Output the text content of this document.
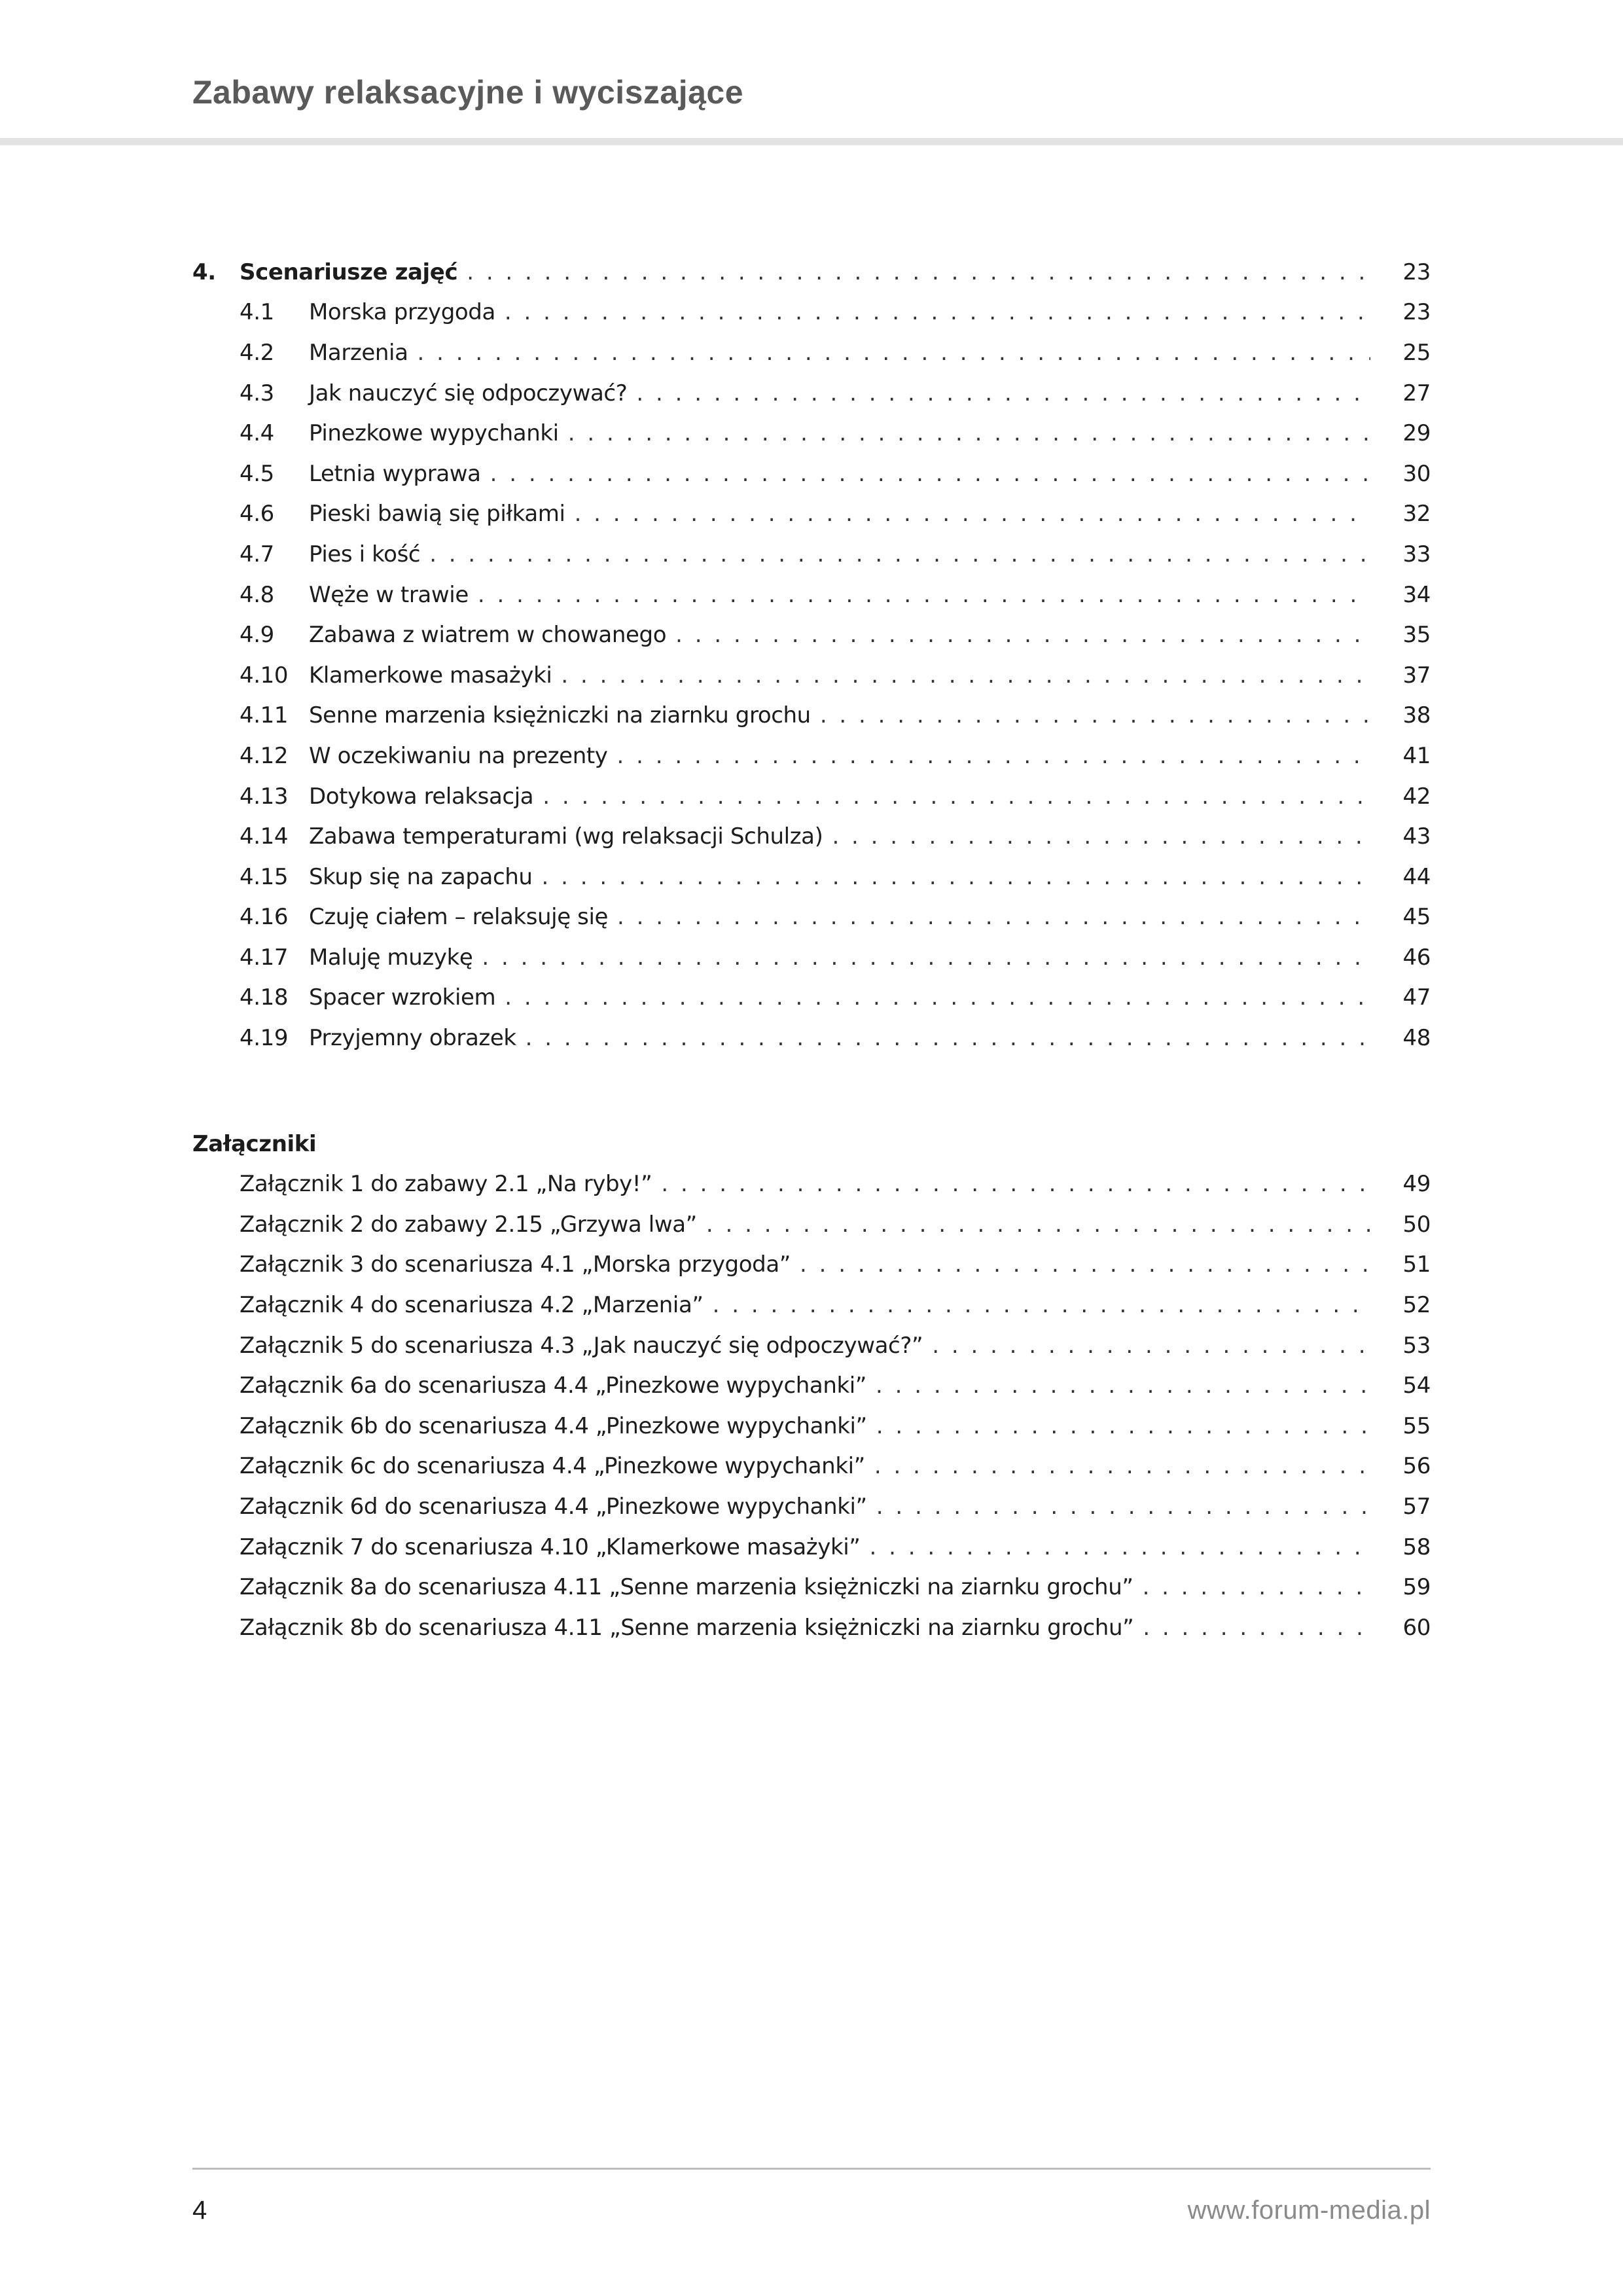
Zabawy relaksacyjne i wyciszające
4.	Scenariusze zajęć . . .	23
4.1	Morska przygoda . . .	23
4.2	Marzenia . . .	25
4.3	Jak nauczyć się odpoczywać? . . .	27
4.4	Pinezkowe wypychanki . . .	29
4.5	Letnia wyprawa . . .	30
4.6	Pieski bawią się piłkami . . .	32
4.7	Pies i kość . . .	33
4.8	Węże w trawie . . .	34
4.9	Zabawa z wiatrem w chowanego . . .	35
4.10 Klamerkowe masażyki . . .	37
4.11 Senne marzenia księżniczki na ziarnku grochu . . .	38
4.12 W oczekiwaniu na prezenty . . .	41
4.13 Dotykowa relaksacja . . .	42
4.14 Zabawa temperaturami (wg relaksacji Schulza) . . .	43
4.15 Skup się na zapachu . . .	44
4.16 Czuję ciałem – relaksuję się . . .	45
4.17 Maluję muzykę . . .	46
4.18 Spacer wzrokiem . . .	47
4.19 Przyjemny obrazek . . .	48
Załączniki
Załącznik 1 do zabawy 2.1 „Na ryby!” . . .	49
Załącznik 2 do zabawy 2.15 „Grzywa lwa” . . .	50
Załącznik 3 do scenariusza 4.1 „Morska przygoda” . . .	51
Załącznik 4 do scenariusza 4.2 „Marzenia” . . .	52
Załącznik 5 do scenariusza 4.3 „Jak nauczyć się odpoczywać?” . . .	53
Załącznik 6a do scenariusza 4.4 „Pinezkowe wypychanki” . . .	54
Załącznik 6b do scenariusza 4.4 „Pinezkowe wypychanki” . . .	55
Załącznik 6c do scenariusza 4.4 „Pinezkowe wypychanki” . . .	56
Załącznik 6d do scenariusza 4.4 „Pinezkowe wypychanki” . . .	57
Załącznik 7 do scenariusza 4.10 „Klamerkowe masażyki” . . .	58
Załącznik 8a do scenariusza 4.11 „Senne marzenia księżniczki na ziarnku grochu” . . .	59
Załącznik 8b do scenariusza 4.11 „Senne marzenia księżniczki na ziarnku grochu” . . .	60
4	www.forum-media.pl
